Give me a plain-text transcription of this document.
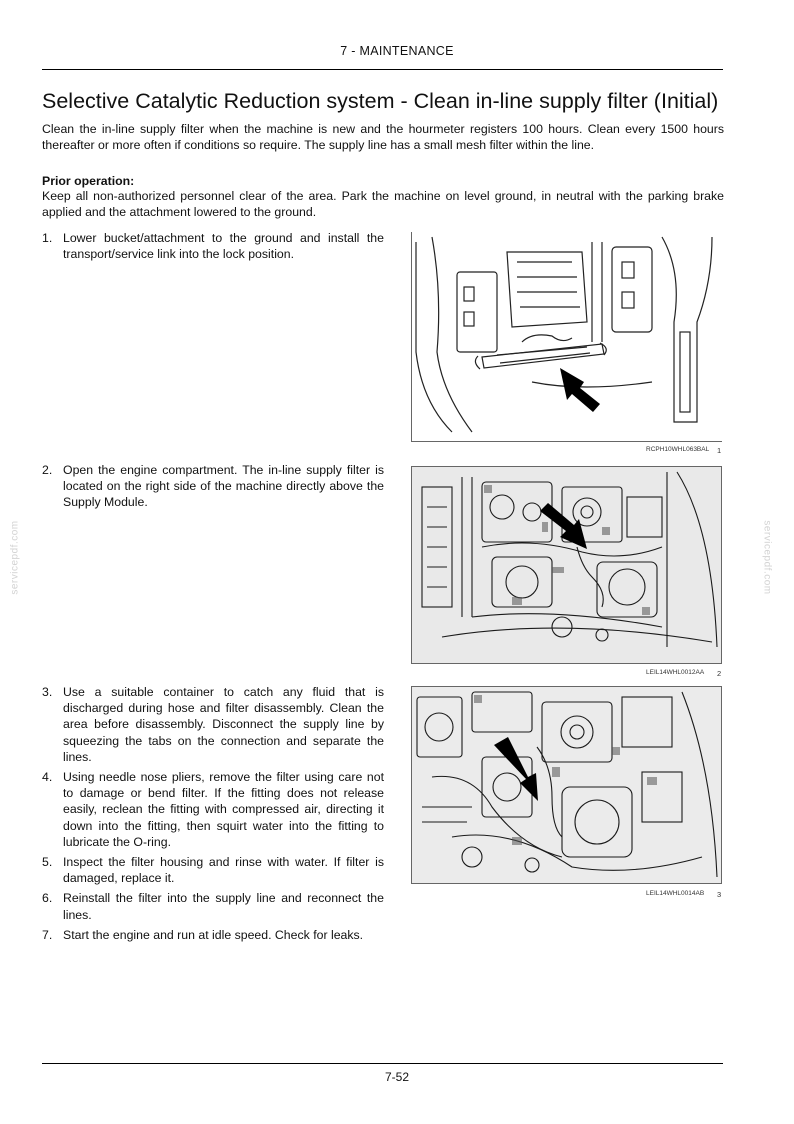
7 - MAINTENANCE
Selective Catalytic Reduction system - Clean in-line supply filter (Initial)

Clean the in-line supply filter when the machine is new and the hourmeter registers 100 hours. Clean every 1500 hours thereafter or more often if conditions so require. The supply line has a small mesh filter within the line.

Prior operation:

Keep all non-authorized personnel clear of the area. Park the machine on level ground, in neutral with the parking brake applied and the attachment lowered to the ground.

1. Lower bucket/attachment to the ground and install the transport/service link into the lock position.
2. Open the engine compartment. The in-line supply filter is located on the right side of the machine directly above the Supply Module.
3. Use a suitable container to catch any fluid that is discharged during hose and filter disassembly. Clean the area before disassembly. Disconnect the supply line by squeezing the tabs on the connection and separate the lines.
4. Using needle nose pliers, remove the filter using care not to damage or bend filter. If the fitting does not release easily, reclean the fitting with compressed air, directing it down into the fitting, then squirt water into the fitting to lubricate the O-ring.
5. Inspect the filter housing and rinse with water. If filter is damaged, replace it.
6. Reinstall the filter into the supply line and reconnect the lines.
7. Start the engine and run at idle speed. Check for leaks.
RCPH10WHL063BAL 1
LEIL14WHL0012AA 2
LEIL14WHL0014AB 3
servicepdf.com	servicepdf.com
7-52
